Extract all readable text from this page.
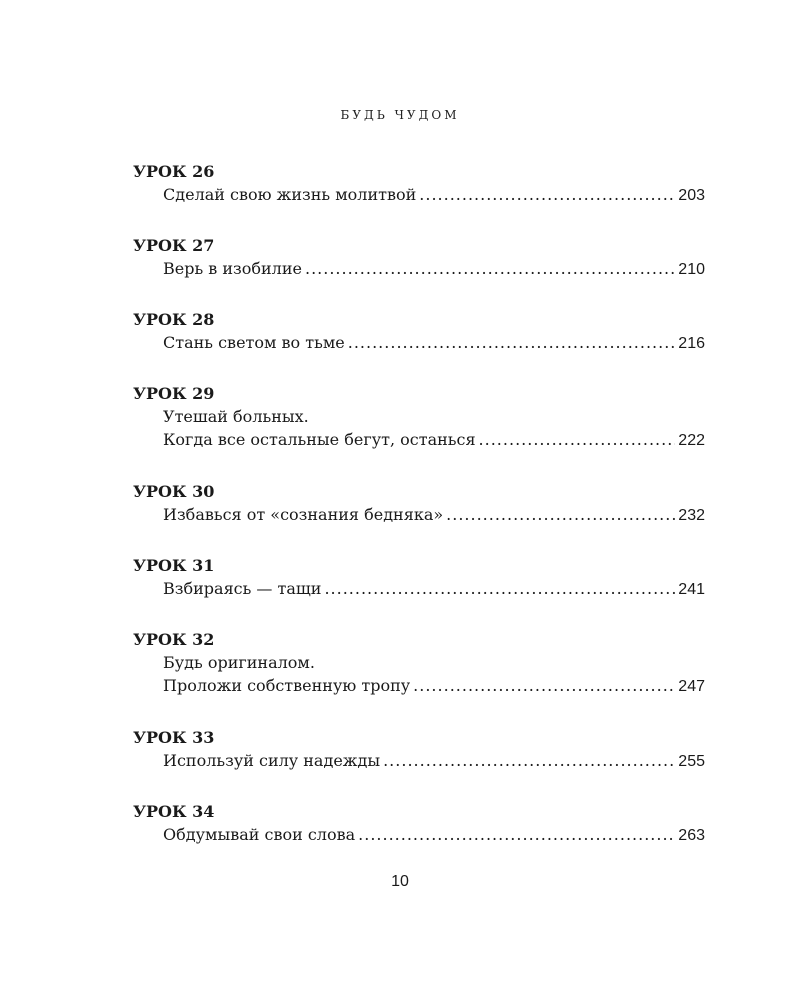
БУДЬ ЧУДОМ
УРОК 26
Сделай свою жизнь молитвой .....	203
УРОК 27
Верь в изобилие .....	210
УРОК 28
Стань светом во тьме .....	216
УРОК 29
Утешай больных.
Когда все остальные бегут, останься .....	222
УРОК 30
Избавься от «сознания бедняка» .....	232
УРОК 31
Взбираясь — тащи .....	241
УРОК 32
Будь оригиналом.
Проложи собственную тропу .....	247
УРОК 33
Используй силу надежды .....	255
УРОК 34
Обдумывай свои слова .....	263
10
